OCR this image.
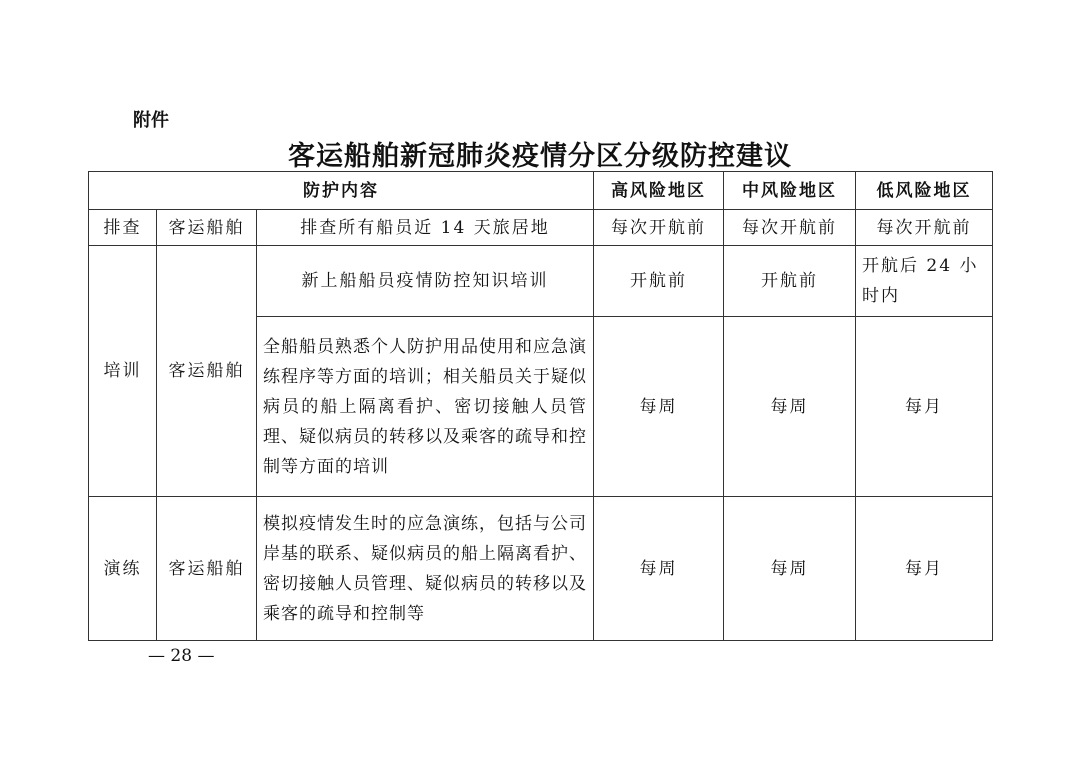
附件
客运船舶新冠肺炎疫情分区分级防控建议
防护内容			高风险地区	中风险地区	低风险地区
排查	客运船舶	排查所有船员近 14 天旅居地	每次开航前	每次开航前	每次开航前
培训	客运船舶	新上船船员疫情防控知识培训	开航前	开航前	开航后 24 小时内
		全船船员熟悉个人防护用品使用和应急演练程序等方面的培训；相关船员关于疑似病员的船上隔离看护、密切接触人员管理、疑似病员的转移以及乘客的疏导和控制等方面的培训	每周	每周	每月
演练	客运船舶	模拟疫情发生时的应急演练，包括与公司岸基的联系、疑似病员的船上隔离看护、密切接触人员管理、疑似病员的转移以及乘客的疏导和控制等	每周	每周	每月
— 28 —
